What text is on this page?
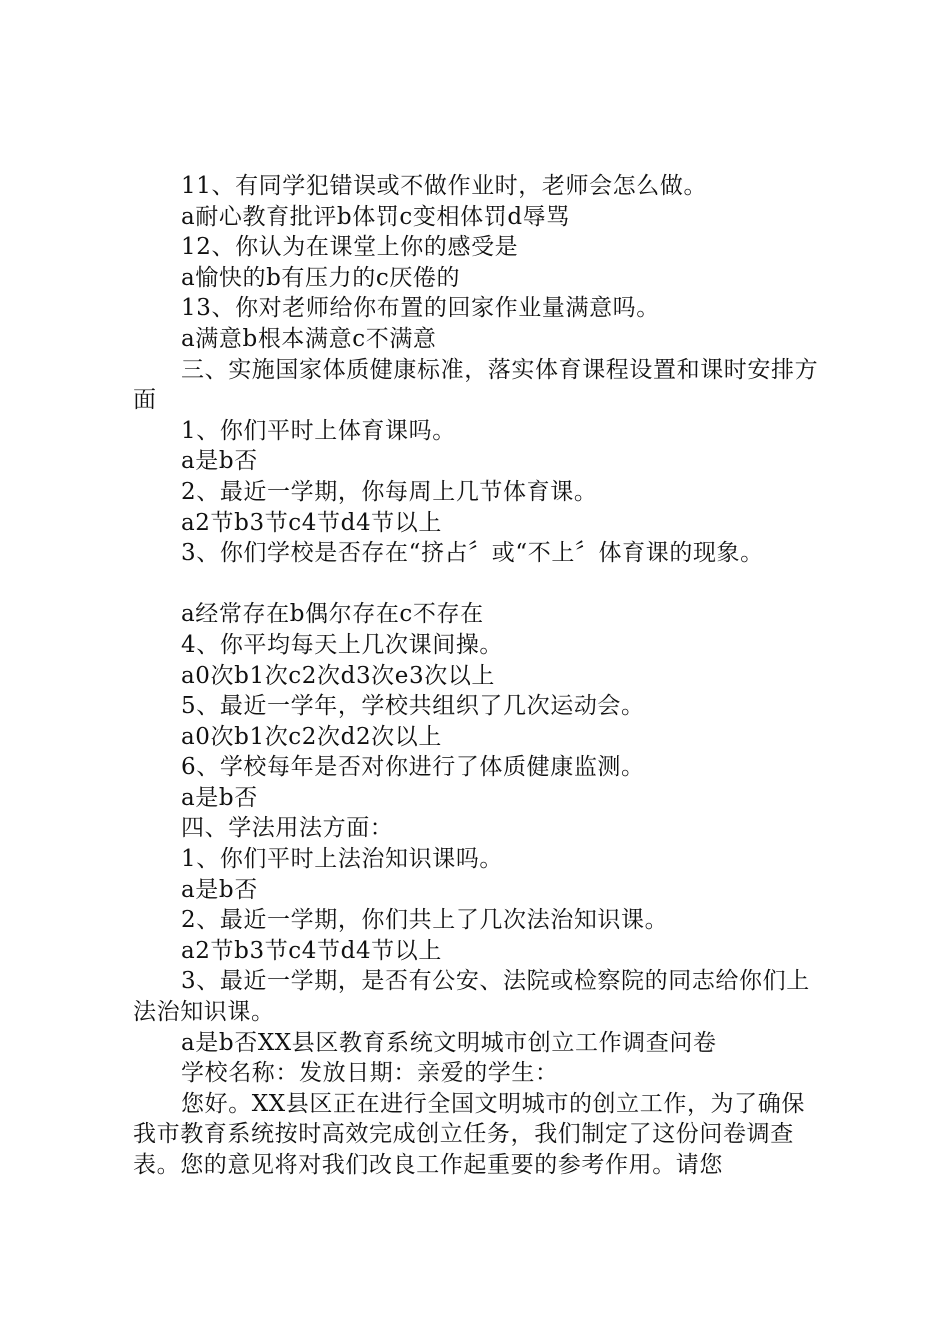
11、有同学犯错误或不做作业时，老师会怎么做。

a耐心教育批评b体罚c变相体罚d辱骂

12、你认为在课堂上你的感受是

a愉快的b有压力的c厌倦的

13、你对老师给你布置的回家作业量满意吗。

a满意b根本满意c不满意

三、实施国家体质健康标准，落实体育课程设置和课时安排方面

1、你们平时上体育课吗。

a是b否

2、最近一学期，你每周上几节体育课。

a2节b3节c4节d4节以上

3、你们学校是否存在“挤占〞或“不上〞体育课的现象。

a经常存在b偶尔存在c不存在

4、你平均每天上几次课间操。

a0次b1次c2次d3次e3次以上

5、最近一学年，学校共组织了几次运动会。

a0次b1次c2次d2次以上

6、学校每年是否对你进行了体质健康监测。

a是b否

四、学法用法方面：

1、你们平时上法治知识课吗。

a是b否

2、最近一学期，你们共上了几次法治知识课。

a2节b3节c4节d4节以上

3、最近一学期，是否有公安、法院或检察院的同志给你们上法治知识课。

a是b否XX县区教育系统文明城市创立工作调查问卷

学校名称：发放日期：亲爱的学生：

您好。XX县区正在进行全国文明城市的创立工作，为了确保我市教育系统按时高效完成创立任务，我们制定了这份问卷调查表。您的意见将对我们改良工作起重要的参考作用。请您
